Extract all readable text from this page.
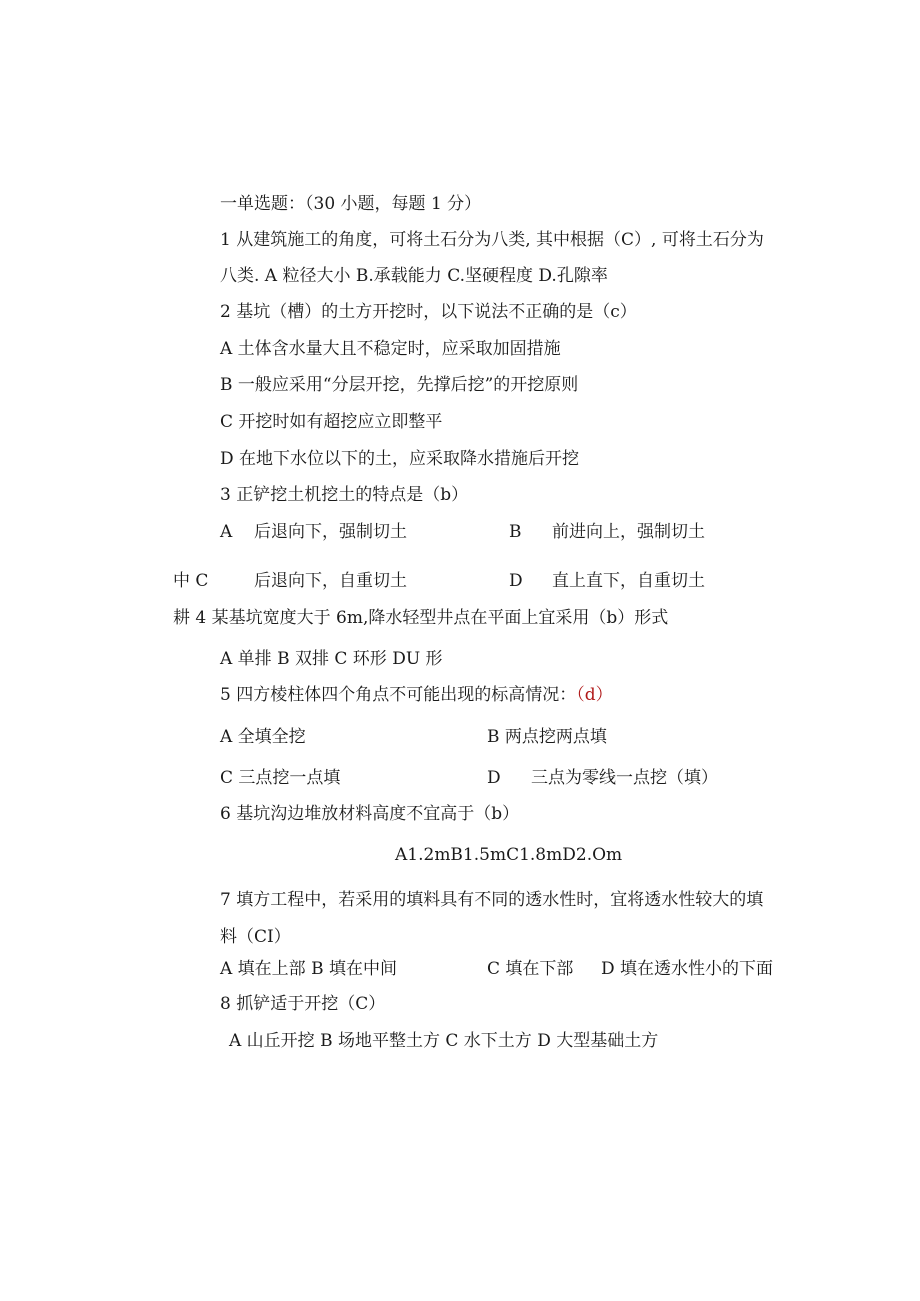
一单选题：（30 小题，每题 1 分）
1 从建筑施工的角度，可将土石分为八类, 其中根据（C）, 可将土石分为
八类. A 粒径大小 B.承载能力 C.坚硬程度 D.孔隙率
2 基坑（槽）的土方开挖时，以下说法不正确的是（c）
A 土体含水量大且不稳定时，应采取加固措施
B 一般应采用“分层开挖，先撑后挖”的开挖原则
C 开挖时如有超挖应立即整平
D 在地下水位以下的土，应采取降水措施后开挖
3 正铲挖土机挖土的特点是（b）
A 后退向下，强制切土	B 前进向上，强制切土
中 C	后退向下，自重切土	D 直上直下，自重切土
耕 4 某基坑宽度大于 6m,降水轻型井点在平面上宜采用（b）形式
A 单排 B 双排 C 环形 DU 形
5 四方棱柱体四个角点不可能出现的标高情况：（d）
A 全填全挖	B 两点挖两点填
C 三点挖一点填	D 三点为零线一点挖（填）
6 基坑沟边堆放材料高度不宜高于（b）
A1.2mB1.5mC1.8mD2.Om
7 填方工程中，若采用的填料具有不同的透水性时，宜将透水性较大的填
料（CI）
A 填在上部 B 填在中间	C 填在下部 D 填在透水性小的下面
8 抓铲适于开挖（C）
A 山丘开挖 B 场地平整土方 C 水下土方 D 大型基础土方
